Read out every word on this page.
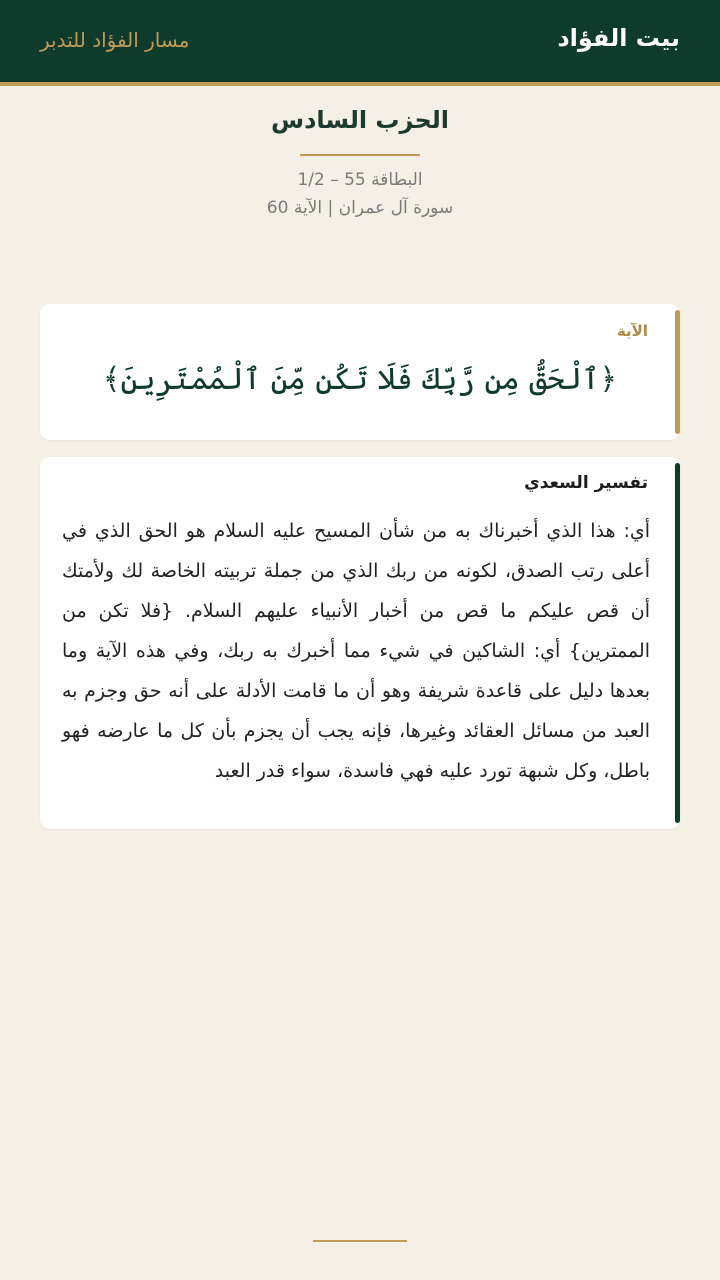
بيت الفؤاد
مسار الفؤاد للتدبر
الحزب السادس
البطاقة 55 – 1/2
سورة آل عمران | الآية 60
الآية
﴿ٱلْحَقُّ مِن رَّبِّكَ فَلَا تَكُن مِّنَ ٱلْمُمْتَرِينَ﴾
تفسير السعدي
أي: هذا الذي أخبرناك به من شأن المسيح عليه السلام هو الحق الذي في أعلى رتب الصدق، لكونه من ربك الذي من جملة تربيته الخاصة لك ولأمتك أن قص عليكم ما قص من أخبار الأنبياء عليهم السلام. {فلا تكن من الممترين} أي: الشاكين في شيء مما أخبرك به ربك، وفي هذه الآية وما بعدها دليل على قاعدة شريفة وهو أن ما قامت الأدلة على أنه حق وجزم به العبد من مسائل العقائد وغيرها، فإنه يجب أن يجزم بأن كل ما عارضه فهو باطل، وكل شبهة تورد عليه فهي فاسدة، سواء قدر العبد
